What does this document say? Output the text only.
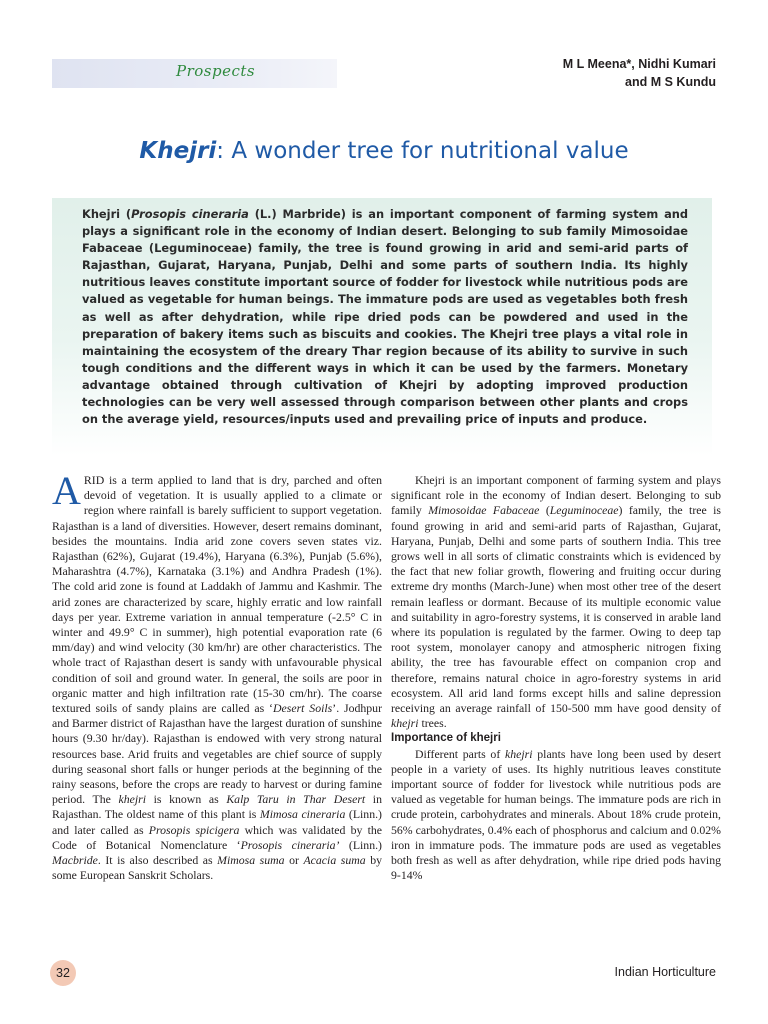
Prospects	M L Meena*, Nidhi Kumari
and M S Kundu
Khejri: A wonder tree for nutritional value

Khejri (Prosopis cineraria (L.) Marbride) is an important component of farming system and plays a significant role in the economy of Indian desert. Belonging to sub family Mimosoidae Fabaceae (Leguminoceae) family, the tree is found growing in arid and semi-arid parts of Rajasthan, Gujarat, Haryana, Punjab, Delhi and some parts of southern India. Its highly nutritious leaves constitute important source of fodder for livestock while nutritious pods are valued as vegetable for human beings. The immature pods are used as vegetables both fresh as well as after dehydration, while ripe dried pods can be powdered and used in the preparation of bakery items such as biscuits and cookies. The Khejri tree plays a vital role in maintaining the ecosystem of the dreary Thar region because of its ability to survive in such tough conditions and the different ways in which it can be used by the farmers. Monetary advantage obtained through cultivation of Khejri by adopting improved production technologies can be very well assessed through comparison between other plants and crops on the average yield, resources/inputs used and prevailing price of inputs and produce.

ARID is a term applied to land that is dry, parched and often devoid of vegetation. It is usually applied to a climate or region where rainfall is barely sufficient to support vegetation. Rajasthan is a land of diversities. However, desert remains dominant, besides the mountains. India arid zone covers seven states viz. Rajasthan (62%), Gujarat (19.4%), Haryana (6.3%), Punjab (5.6%), Maharashtra (4.7%), Karnataka (3.1%) and Andhra Pradesh (1%). The cold arid zone is found at Laddakh of Jammu and Kashmir. The arid zones are characterized by scare, highly erratic and low rainfall days per year. Extreme variation in annual temperature (-2.5° C in winter and 49.9° C in summer), high potential evaporation rate (6 mm/day) and wind velocity (30 km/hr) are other characteristics. The whole tract of Rajasthan desert is sandy with unfavourable physical condition of soil and ground water. In general, the soils are poor in organic matter and high infiltration rate (15-30 cm/hr). The coarse textured soils of sandy plains are called as ‘Desert Soils’. Jodhpur and Barmer district of Rajasthan have the largest duration of sunshine hours (9.30 hr/day). Rajasthan is endowed with very strong natural resources base. Arid fruits and vegetables are chief source of supply during seasonal short falls or hunger periods at the beginning of the rainy seasons, before the crops are ready to harvest or during famine period. The khejri is known as Kalp Taru in Thar Desert in Rajasthan. The oldest name of this plant is Mimosa cineraria (Linn.) and later called as Prosopis spicigera which was validated by the Code of Botanical Nomenclature ‘Prosopis cineraria’ (Linn.) Macbride. It is also described as Mimosa suma or Acacia suma by some European Sanskrit Scholars.

Khejri is an important component of farming system and plays significant role in the economy of Indian desert. Belonging to sub family Mimosoidae Fabaceae (Leguminoceae) family, the tree is found growing in arid and semi-arid parts of Rajasthan, Gujarat, Haryana, Punjab, Delhi and some parts of southern India. This tree grows well in all sorts of climatic constraints which is evidenced by the fact that new foliar growth, flowering and fruiting occur during extreme dry months (March-June) when most other tree of the desert remain leafless or dormant. Because of its multiple economic value and suitability in agro-forestry systems, it is conserved in arable land where its population is regulated by the farmer. Owing to deep tap root system, monolayer canopy and atmospheric nitrogen fixing ability, the tree has favourable effect on companion crop and therefore, remains natural choice in agro-forestry systems in arid ecosystem. All arid land forms except hills and saline depression receiving an average rainfall of 150-500 mm have good density of khejri trees.

Importance of khejri

Different parts of khejri plants have long been used by desert people in a variety of uses. Its highly nutritious leaves constitute important source of fodder for livestock while nutritious pods are valued as vegetable for human beings. The immature pods are rich in crude protein, carbohydrates and minerals. About 18% crude protein, 56% carbohydrates, 0.4% each of phosphorus and calcium and 0.02% iron in immature pods. The immature pods are used as vegetables both fresh as well as after dehydration, while ripe dried pods having 9-14%

32	Indian Horticulture
